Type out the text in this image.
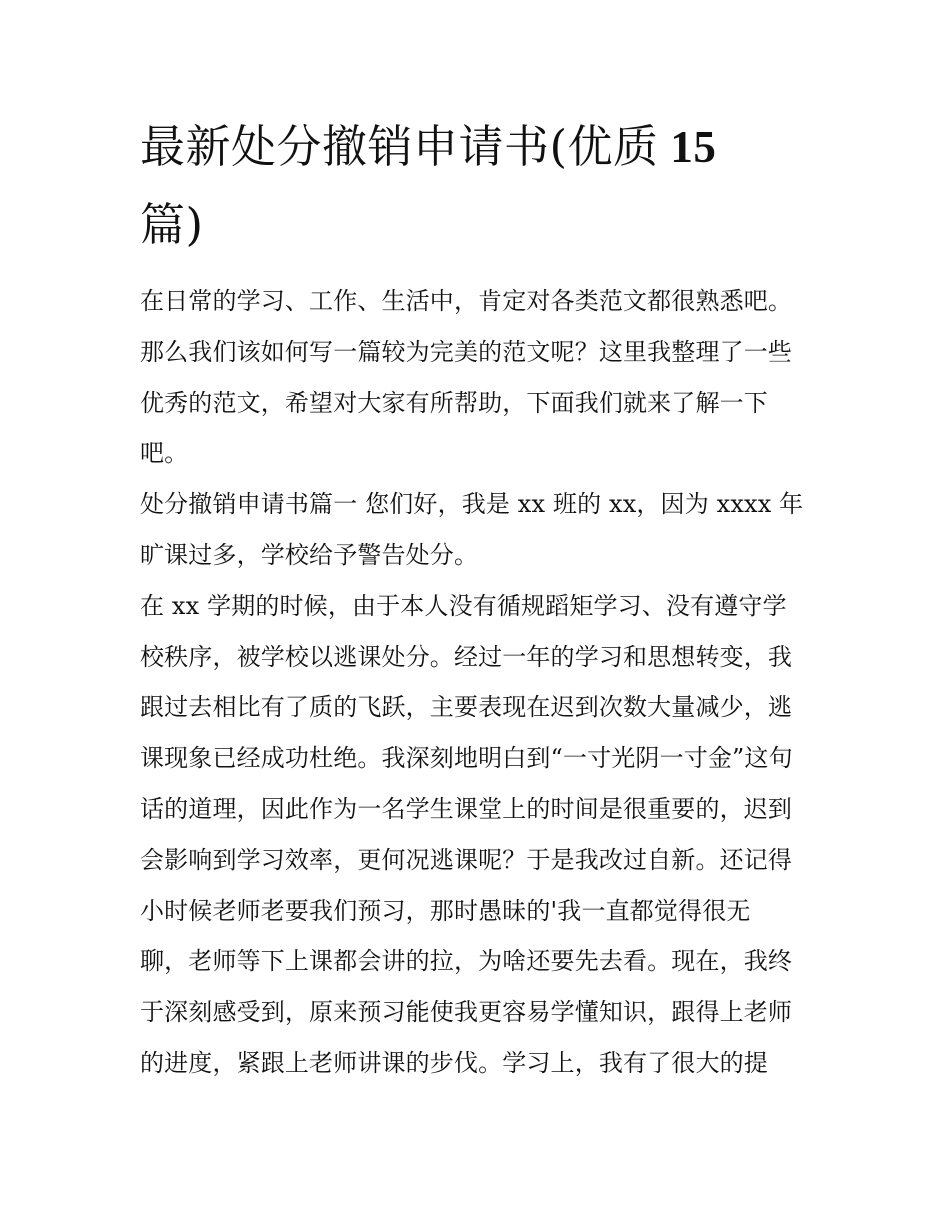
最新处分撤销申请书(优质 15
篇)
在日常的学习、工作、生活中，肯定对各类范文都很熟悉吧。
那么我们该如何写一篇较为完美的范文呢？这里我整理了一些
优秀的范文，希望对大家有所帮助，下面我们就来了解一下
吧。
处分撤销申请书篇一 您们好，我是 xx 班的 xx，因为 xxxx 年
旷课过多，学校给予警告处分。
在 xx 学期的时候，由于本人没有循规蹈矩学习、没有遵守学
校秩序，被学校以逃课处分。经过一年的学习和思想转变，我
跟过去相比有了质的飞跃，主要表现在迟到次数大量减少，逃
课现象已经成功杜绝。我深刻地明白到“一寸光阴一寸金”这句
话的道理，因此作为一名学生课堂上的时间是很重要的，迟到
会影响到学习效率，更何况逃课呢？于是我改过自新。还记得
小时候老师老要我们预习，那时愚昧的'我一直都觉得很无
聊，老师等下上课都会讲的拉，为啥还要先去看。现在，我终
于深刻感受到，原来预习能使我更容易学懂知识，跟得上老师
的进度，紧跟上老师讲课的步伐。学习上，我有了很大的提
